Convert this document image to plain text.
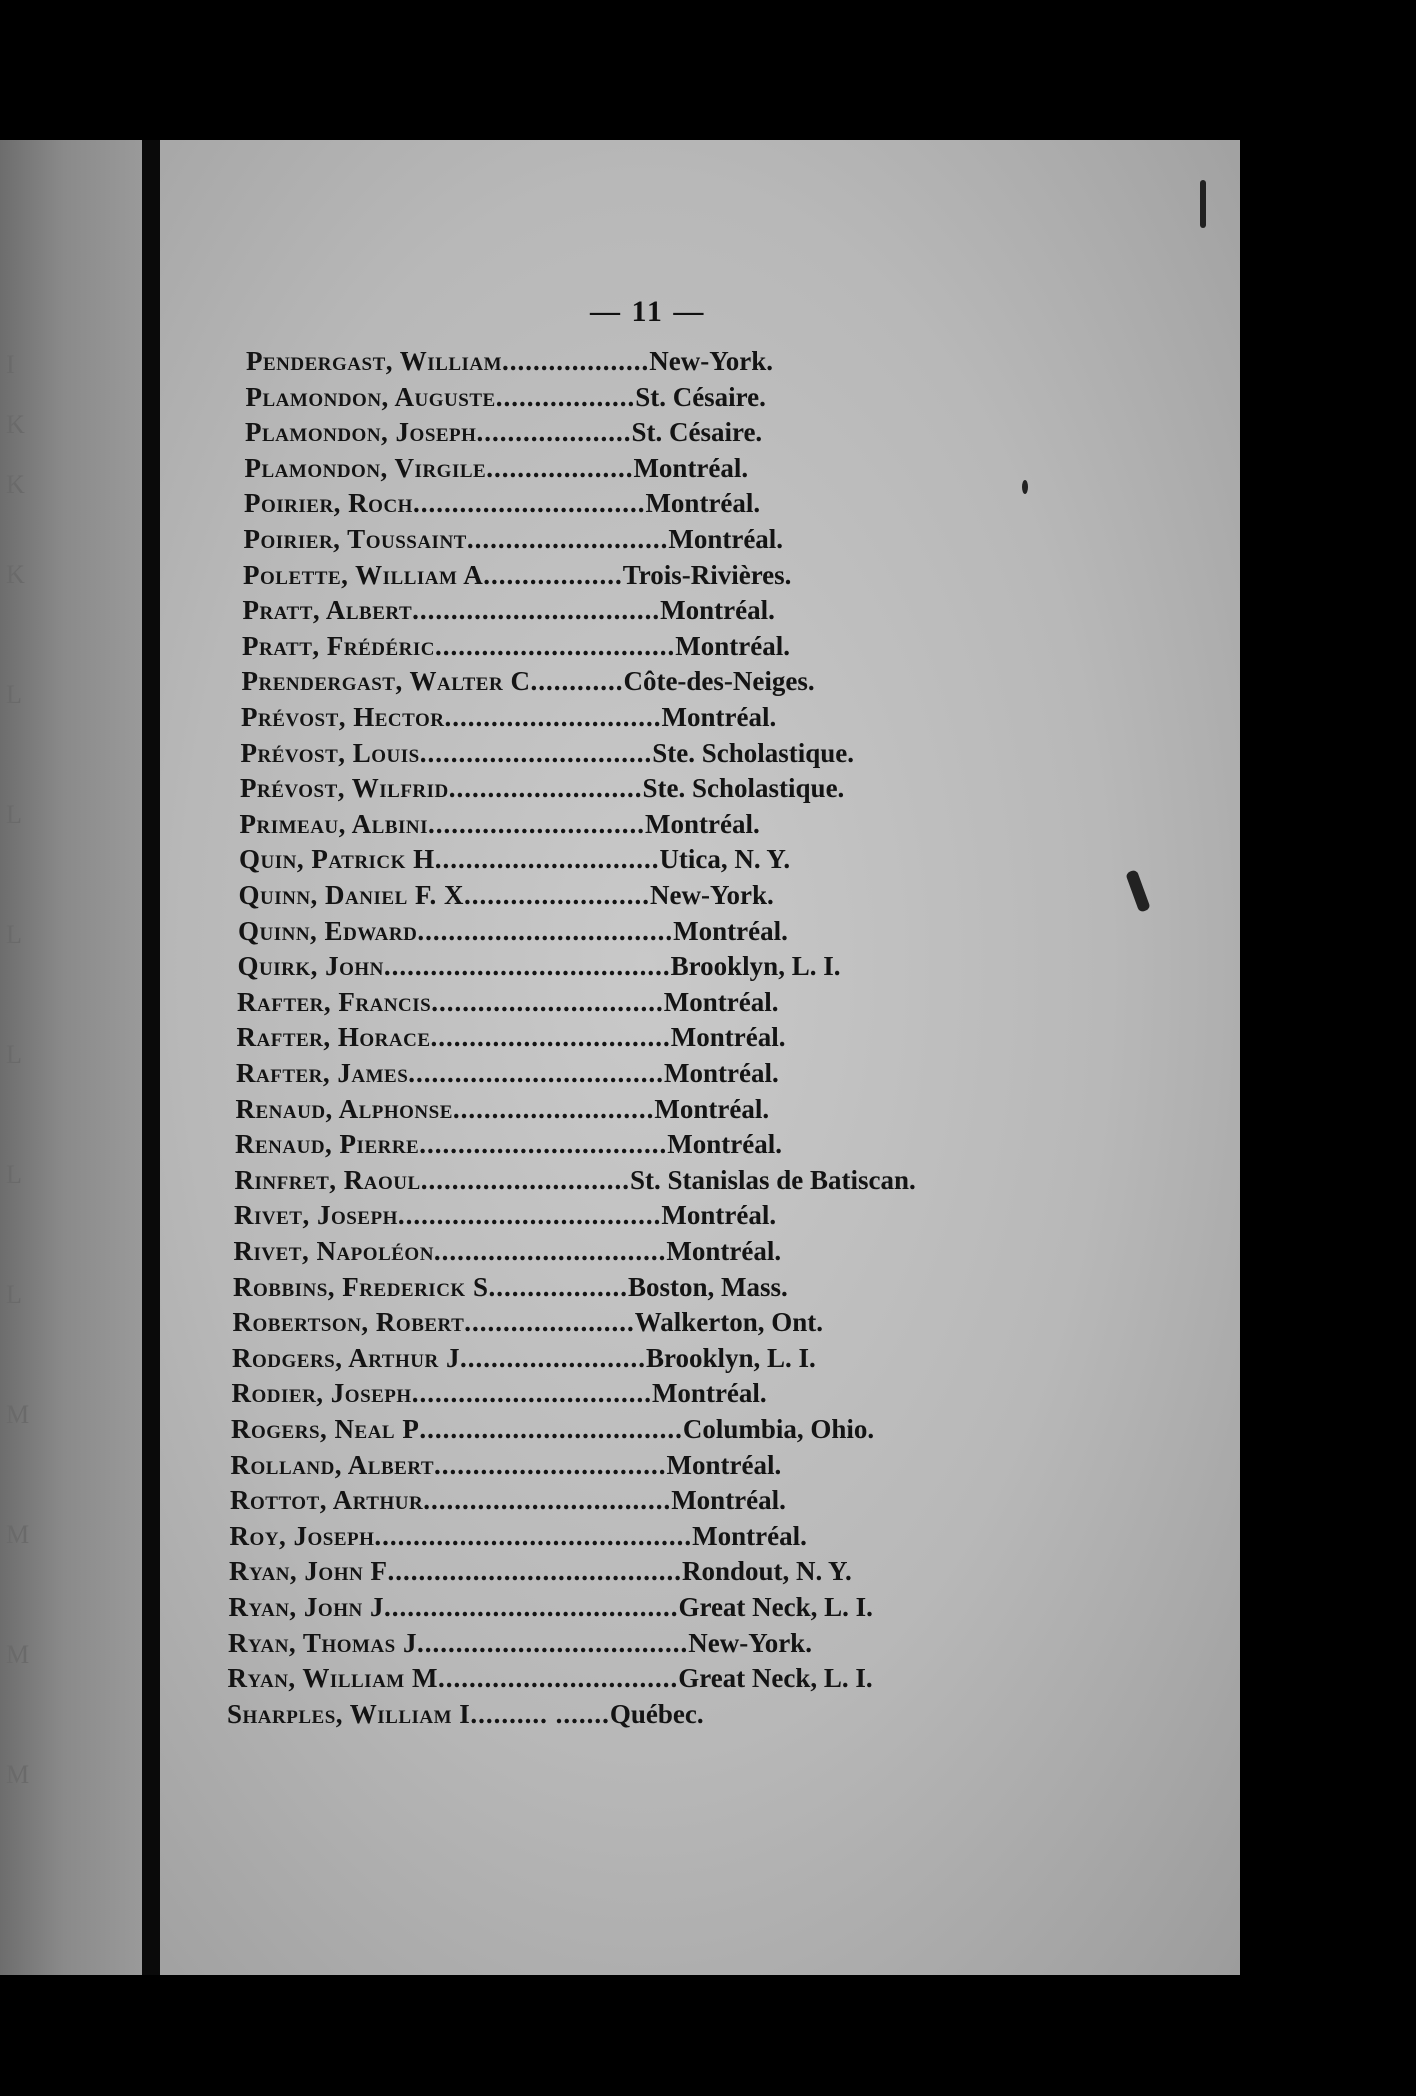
I
K
K
K
L
L
L
L
L
L
M
M
M
M
— 11 —
Pendergast, William...................New-York.
Plamondon, Auguste..................St. Césaire.
Plamondon, Joseph....................St. Césaire.
Plamondon, Virgile...................Montréal.
Poirier, Roch..............................Montréal.
Poirier, Toussaint..........................Montréal.
Polette, William A..................Trois-Rivières.
Pratt, Albert................................Montréal.
Pratt, Frédéric...............................Montréal.
Prendergast, Walter C............Côte-des-Neiges.
Prévost, Hector............................Montréal.
Prévost, Louis..............................Ste. Scholastique.
Prévost, Wilfrid.........................Ste. Scholastique.
Primeau, Albini............................Montréal.
Quin, Patrick H.............................Utica, N. Y.
Quinn, Daniel F. X........................New-York.
Quinn, Edward.................................Montréal.
Quirk, John.....................................Brooklyn, L. I.
Rafter, Francis..............................Montréal.
Rafter, Horace...............................Montréal.
Rafter, James.................................Montréal.
Renaud, Alphonse..........................Montréal.
Renaud, Pierre................................Montréal.
Rinfret, Raoul...........................St. Stanislas de Batiscan.
Rivet, Joseph..................................Montréal.
Rivet, Napoléon..............................Montréal.
Robbins, Frederick S..................Boston, Mass.
Robertson, Robert......................Walkerton, Ont.
Rodgers, Arthur J........................Brooklyn, L. I.
Rodier, Joseph...............................Montréal.
Rogers, Neal P..................................Columbia, Ohio.
Rolland, Albert..............................Montréal.
Rottot, Arthur................................Montréal.
Roy, Joseph.........................................Montréal.
Ryan, John F......................................Rondout, N. Y.
Ryan, John J......................................Great Neck, L. I.
Ryan, Thomas J...................................New-York.
Ryan, William M...............................Great Neck, L. I.
Sharples, William I.......... .......Québec.
